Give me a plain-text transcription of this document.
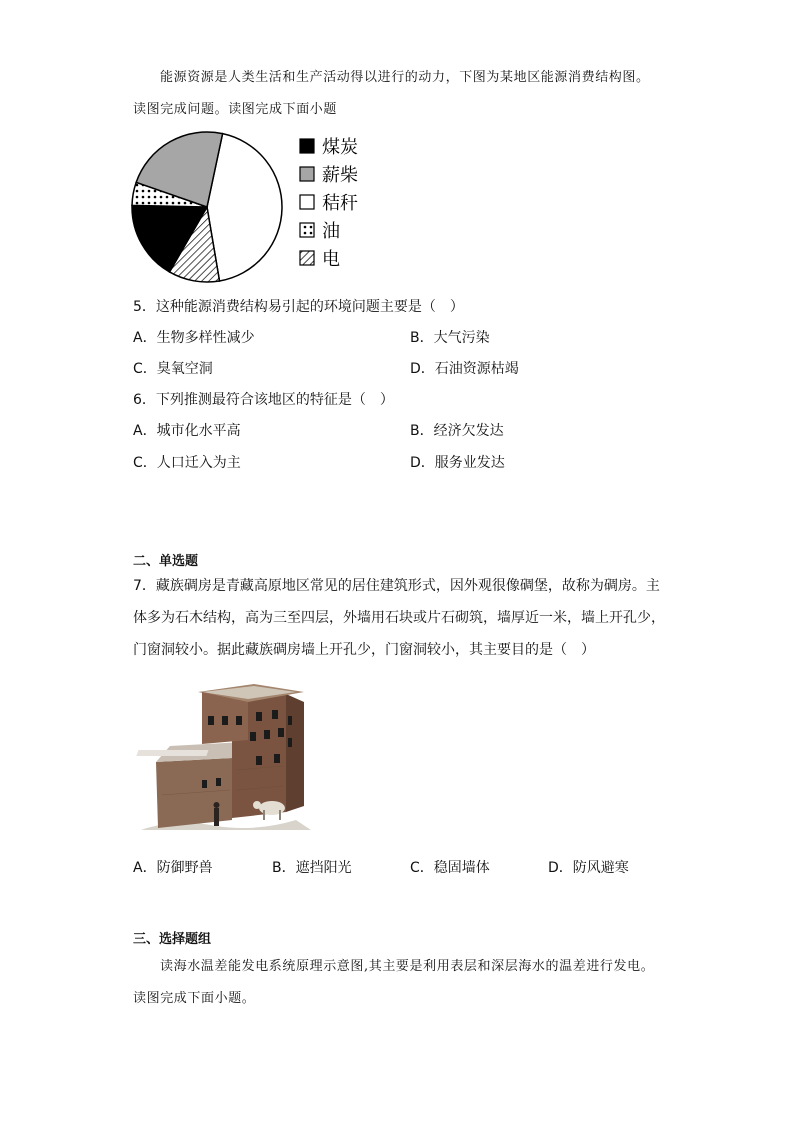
能源资源是人类生活和生产活动得以进行的动力，下图为某地区能源消费结构图。
读图完成问题。读图完成下面小题
煤炭
薪柴
秸秆
油
电
5．这种能源消费结构易引起的环境问题主要是（　）
A．生物多样性减少	B．大气污染
C．臭氧空洞	D．石油资源枯竭
6．下列推测最符合该地区的特征是（　）
A．城市化水平高	B．经济欠发达
C．人口迁入为主	D．服务业发达
二、单选题
7．藏族碉房是青藏高原地区常见的居住建筑形式，因外观很像碉堡，故称为碉房。主体多为石木结构，高为三至四层，外墙用石块或片石砌筑，墙厚近一米，墙上开孔少，门窗洞较小。据此藏族碉房墙上开孔少，门窗洞较小，其主要目的是（　）
A．防御野兽	B．遮挡阳光	C．稳固墙体	D．防风避寒
三、选择题组
读海水温差能发电系统原理示意图,其主要是利用表层和深层海水的温差进行发电。
读图完成下面小题。
